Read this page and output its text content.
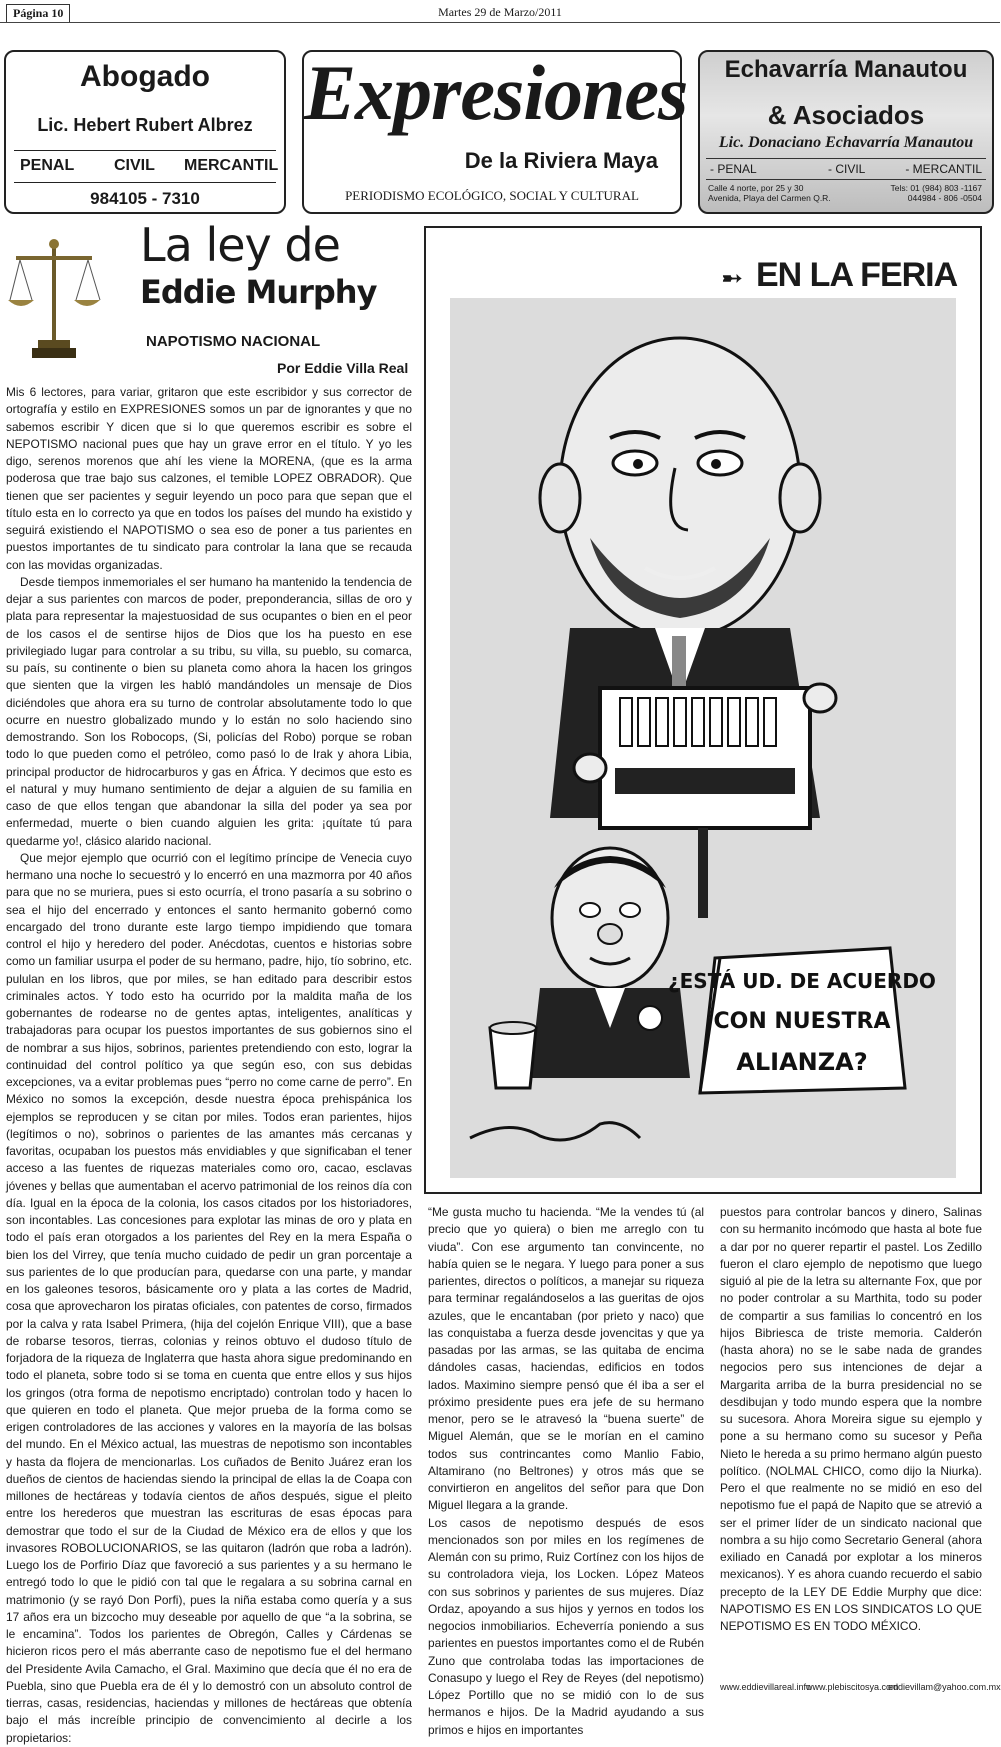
Página 10	Martes 29 de Marzo/2011
Abogado
Lic. Hebert Rubert Albrez
PENAL CIVIL MERCANTIL
984105 - 7310
Expresiones
De la Riviera Maya
PERIODISMO ECOLÓGICO, SOCIAL Y CULTURAL
Echavarría Manautou
& Asociados
Lic. Donaciano Echavarría Manautou
- PENAL	- CIVIL	- MERCANTIL
Calle 4 norte, por 25 y 30
Avenida, Playa del Carmen Q.R.
Tels: 01 (984) 803 -1167
044984 - 806 -0504
La ley de
Eddie Murphy
NAPOTISMO NACIONAL
Por Eddie Villa Real

Mis 6 lectores, para variar, gritaron que este escribidor y sus corrector de ortografía y estilo en EXPRESIONES somos un par de ignorantes y que no sabemos escribir Y dicen que si lo que queremos escribir es sobre el NEPOTISMO nacional pues que hay un grave error en el título. Y yo les digo, serenos morenos que ahí les viene la MORENA, (que es la arma poderosa que trae bajo sus calzones, el temible LOPEZ OBRADOR). Que tienen que ser pacientes y seguir leyendo un poco para que sepan que el título esta en lo correcto ya que en todos los países del mundo ha existido y seguirá existiendo el NAPOTISMO o sea eso de poner a tus parientes en puestos importantes de tu sindicato para controlar la lana que se recauda con las movidas organizadas.

Desde tiempos inmemoriales el ser humano ha mantenido la tendencia de dejar a sus parientes con marcos de poder, preponderancia, sillas de oro y plata para representar la majestuosidad de sus ocupantes o bien en el peor de los casos el de sentirse hijos de Dios que los ha puesto en ese privilegiado lugar para controlar a su tribu, su villa, su pueblo, su comarca, su país, su continente o bien su planeta como ahora la hacen los gringos que sienten que la virgen les habló mandándoles un mensaje de Dios diciéndoles que ahora era su turno de controlar absolutamente todo lo que ocurre en nuestro globalizado mundo y lo están no solo haciendo sino demostrando. Son los Robocops, (Si, policías del Robo) porque se roban todo lo que pueden como el petróleo, como pasó lo de Irak y ahora Libia, principal productor de hidrocarburos y gas en África. Y decimos que esto es el natural y muy humano sentimiento de dejar a alguien de su familia en caso de que ellos tengan que abandonar la silla del poder ya sea por enfermedad, muerte o bien cuando alguien les grita: ¡quítate tú para quedarme yo!, clásico alarido nacional.

Que mejor ejemplo que ocurrió con el legítimo príncipe de Venecia cuyo hermano una noche lo secuestró y lo encerró en una mazmorra por 40 años para que no se muriera, pues si esto ocurría, el trono pasaría a su sobrino o sea el hijo del encerrado y entonces el santo hermanito gobernó como encargado del trono durante este largo tiempo impidiendo que tomara control el hijo y heredero del poder. Anécdotas, cuentos e historias sobre como un familiar usurpa el poder de su hermano, padre, hijo, tío sobrino, etc. pululan en los libros, que por miles, se han editado para describir estos criminales actos. Y todo esto ha ocurrido por la maldita maña de los gobernantes de rodearse no de gentes aptas, inteligentes, analíticas y trabajadoras para ocupar los puestos importantes de sus gobiernos sino el de nombrar a sus hijos, sobrinos, parientes pretendiendo con esto, lograr la continuidad del control político ya que según eso, con sus debidas excepciones, va a evitar problemas pues “perro no come carne de perro”. En México no somos la excepción, desde nuestra época prehispánica los ejemplos se reproducen y se citan por miles. Todos eran parientes, hijos (legítimos o no), sobrinos o parientes de las amantes más cercanas y favoritas, ocupaban los puestos más envidiables y que significaban el tener acceso a las fuentes de riquezas materiales como oro, cacao, esclavas jóvenes y bellas que aumentaban el acervo patrimonial de los reinos día con día. Igual en la época de la colonia, los casos citados por los historiadores, son incontables. Las concesiones para explotar las minas de oro y plata en todo el país eran otorgados a los parientes del Rey en la mera España o bien los del Virrey, que tenía mucho cuidado de pedir un gran porcentaje a sus parientes de lo que producían para, quedarse con una parte, y mandar en los galeones tesoros, básicamente oro y plata a las cortes de Madrid, cosa que aprovecharon los piratas oficiales, con patentes de corso, firmados por la calva y rata Isabel Primera, (hija del cojelón Enrique VIII), que a base de robarse tesoros, tierras, colonias y reinos obtuvo el dudoso título de forjadora de la riqueza de Inglaterra que hasta ahora sigue predominando en todo el planeta, sobre todo si se toma en cuenta que entre ellos y sus hijos los gringos (otra forma de nepotismo encriptado) controlan todo y hacen lo que quieren en todo el planeta. Que mejor prueba de la forma como se erigen controladores de las acciones y valores en la mayoría de las bolsas del mundo. En el México actual, las muestras de nepotismo son incontables y hasta da flojera de mencionarlas. Los cuñados de Benito Juárez eran los dueños de cientos de haciendas siendo la principal de ellas la de Coapa con millones de hectáreas y todavía cientos de años después, sigue el pleito entre los herederos que muestran las escrituras de esas épocas para demostrar que todo el sur de la Ciudad de México era de ellos y que los invasores ROBOLUCIONARIOS, se las quitaron (ladrón que roba a ladrón). Luego los de Porfirio Díaz que favoreció a sus parientes y a su hermano le entregó todo lo que le pidió con tal que le regalara a su sobrina carnal en matrimonio (y se rayó Don Porfi), pues la niña estaba como quería y a sus 17 años era un bizcocho muy deseable por aquello de que “a la sobrina, se le encamina”. Todos los parientes de Obregón, Calles y Cárdenas se hicieron ricos pero el más aberrante caso de nepotismo fue el del hermano del Presidente Avila Camacho, el Gral. Maximino que decía que él no era de Puebla, sino que Puebla era de él y lo demostró con un absoluto control de tierras, casas, residencias, haciendas y millones de hectáreas que obtenía bajo el más increíble principio de convencimiento al decirle a los propietarios:

➸ EN LA FERIA
¿ESTÁ UD. DE ACUERDO
CON NUESTRA
ALIANZA?

“Me gusta mucho tu hacienda. “Me la vendes tú (al precio que yo quiera) o bien me arreglo con tu viuda”. Con ese argumento tan convincente, no había quien se le negara. Y luego para poner a sus parientes, directos o políticos, a manejar su riqueza para terminar regalándoselos a las gueritas de ojos azules, que le encantaban (por prieto y naco) que las conquistaba a fuerza desde jovencitas y que ya pasadas por las armas, se las quitaba de encima dándoles casas, haciendas, edificios en todos lados. Maximino siempre pensó que él iba a ser el próximo presidente pues era jefe de su hermano menor, pero se le atravesó la “buena suerte” de Miguel Alemán, que se le morían en el camino todos sus contrincantes como Manlio Fabio, Altamirano (no Beltrones) y otros más que se convirtieron en angelitos del señor para que Don Miguel llegara a la grande.

Los casos de nepotismo después de esos mencionados son por miles en los regímenes de Alemán con su primo, Ruiz Cortínez con los hijos de su controladora vieja, los Locken. López Mateos con sus sobrinos y parientes de sus mujeres. Díaz Ordaz, apoyando a sus hijos y yernos en todos los negocios inmobiliarios. Echeverría poniendo a sus parientes en puestos importantes como el de Rubén Zuno que controlaba todas las importaciones de Conasupo y luego el Rey de Reyes (del nepotismo) López Portillo que no se midió con lo de sus hermanos e hijos. De la Madrid ayudando a sus primos e hijos en importantes

puestos para controlar bancos y dinero, Salinas con su hermanito incómodo que hasta al bote fue a dar por no querer repartir el pastel. Los Zedillo fueron el claro ejemplo de nepotismo que luego siguió al pie de la letra su alternante Fox, que por no poder controlar a su Marthita, todo su poder de compartir a sus familias lo concentró en los hijos Bibriesca de triste memoria. Calderón (hasta ahora) no se le sabe nada de grandes negocios pero sus intenciones de dejar a Margarita arriba de la burra presidencial no se desdibujan y todo mundo espera que la nombre su sucesora. Ahora Moreira sigue su ejemplo y pone a su hermano como su sucesor y Peña Nieto le hereda a su primo hermano algún puesto político. (NOLMAL CHICO, como dijo la Niurka). Pero el que realmente no se midió en eso del nepotismo fue el papá de Napito que se atrevió a ser el primer líder de un sindicato nacional que nombra a su hijo como Secretario General (ahora exiliado en Canadá por explotar a los mineros mexicanos). Y es ahora cuando recuerdo el sabio precepto de la LEY DE Eddie Murphy que dice: NAPOTISMO ES EN LOS SINDICATOS LO QUE NEPOTISMO ES EN TODO MÉXICO.

www.eddievillareal.info
www.plebiscitosya.com
eddievillam@yahoo.com.mx
